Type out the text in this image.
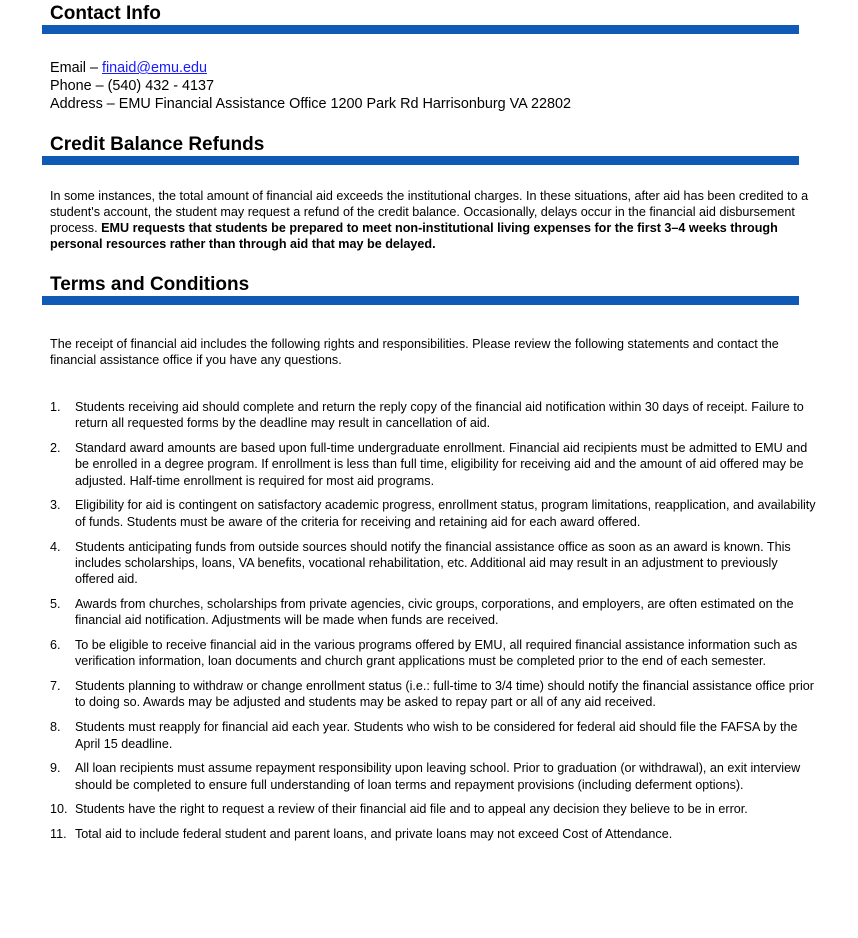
Contact Info
Email – finaid@emu.edu
Phone – (540) 432 - 4137
Address – EMU Financial Assistance Office 1200 Park Rd Harrisonburg VA 22802
Credit Balance Refunds

In some instances, the total amount of financial aid exceeds the institutional charges. In these situations, after aid has been credited to a student's account, the student may request a refund of the credit balance. Occasionally, delays occur in the financial aid disbursement process. EMU requests that students be prepared to meet non-institutional living expenses for the first 3–4 weeks through personal resources rather than through aid that may be delayed.

Terms and Conditions

The receipt of financial aid includes the following rights and responsibilities. Please review the following statements and contact the financial assistance office if you have any questions.

1. Students receiving aid should complete and return the reply copy of the financial aid notification within 30 days of receipt. Failure to return all requested forms by the deadline may result in cancellation of aid.
2. Standard award amounts are based upon full-time undergraduate enrollment. Financial aid recipients must be admitted to EMU and be enrolled in a degree program. If enrollment is less than full time, eligibility for receiving aid and the amount of aid offered may be adjusted. Half-time enrollment is required for most aid programs.
3. Eligibility for aid is contingent on satisfactory academic progress, enrollment status, program limitations, reapplication, and availability of funds. Students must be aware of the criteria for receiving and retaining aid for each award offered.
4. Students anticipating funds from outside sources should notify the financial assistance office as soon as an award is known. This includes scholarships, loans, VA benefits, vocational rehabilitation, etc. Additional aid may result in an adjustment to previously offered aid.
5. Awards from churches, scholarships from private agencies, civic groups, corporations, and employers, are often estimated on the financial aid notification. Adjustments will be made when funds are received.
6. To be eligible to receive financial aid in the various programs offered by EMU, all required financial assistance information such as verification information, loan documents and church grant applications must be completed prior to the end of each semester.
7. Students planning to withdraw or change enrollment status (i.e.: full-time to 3/4 time) should notify the financial assistance office prior to doing so. Awards may be adjusted and students may be asked to repay part or all of any aid received.
8. Students must reapply for financial aid each year. Students who wish to be considered for federal aid should file the FAFSA by the April 15 deadline.
9. All loan recipients must assume repayment responsibility upon leaving school. Prior to graduation (or withdrawal), an exit interview should be completed to ensure full understanding of loan terms and repayment provisions (including deferment options).
10. Students have the right to request a review of their financial aid file and to appeal any decision they believe to be in error.
11. Total aid to include federal student and parent loans, and private loans may not exceed Cost of Attendance.
